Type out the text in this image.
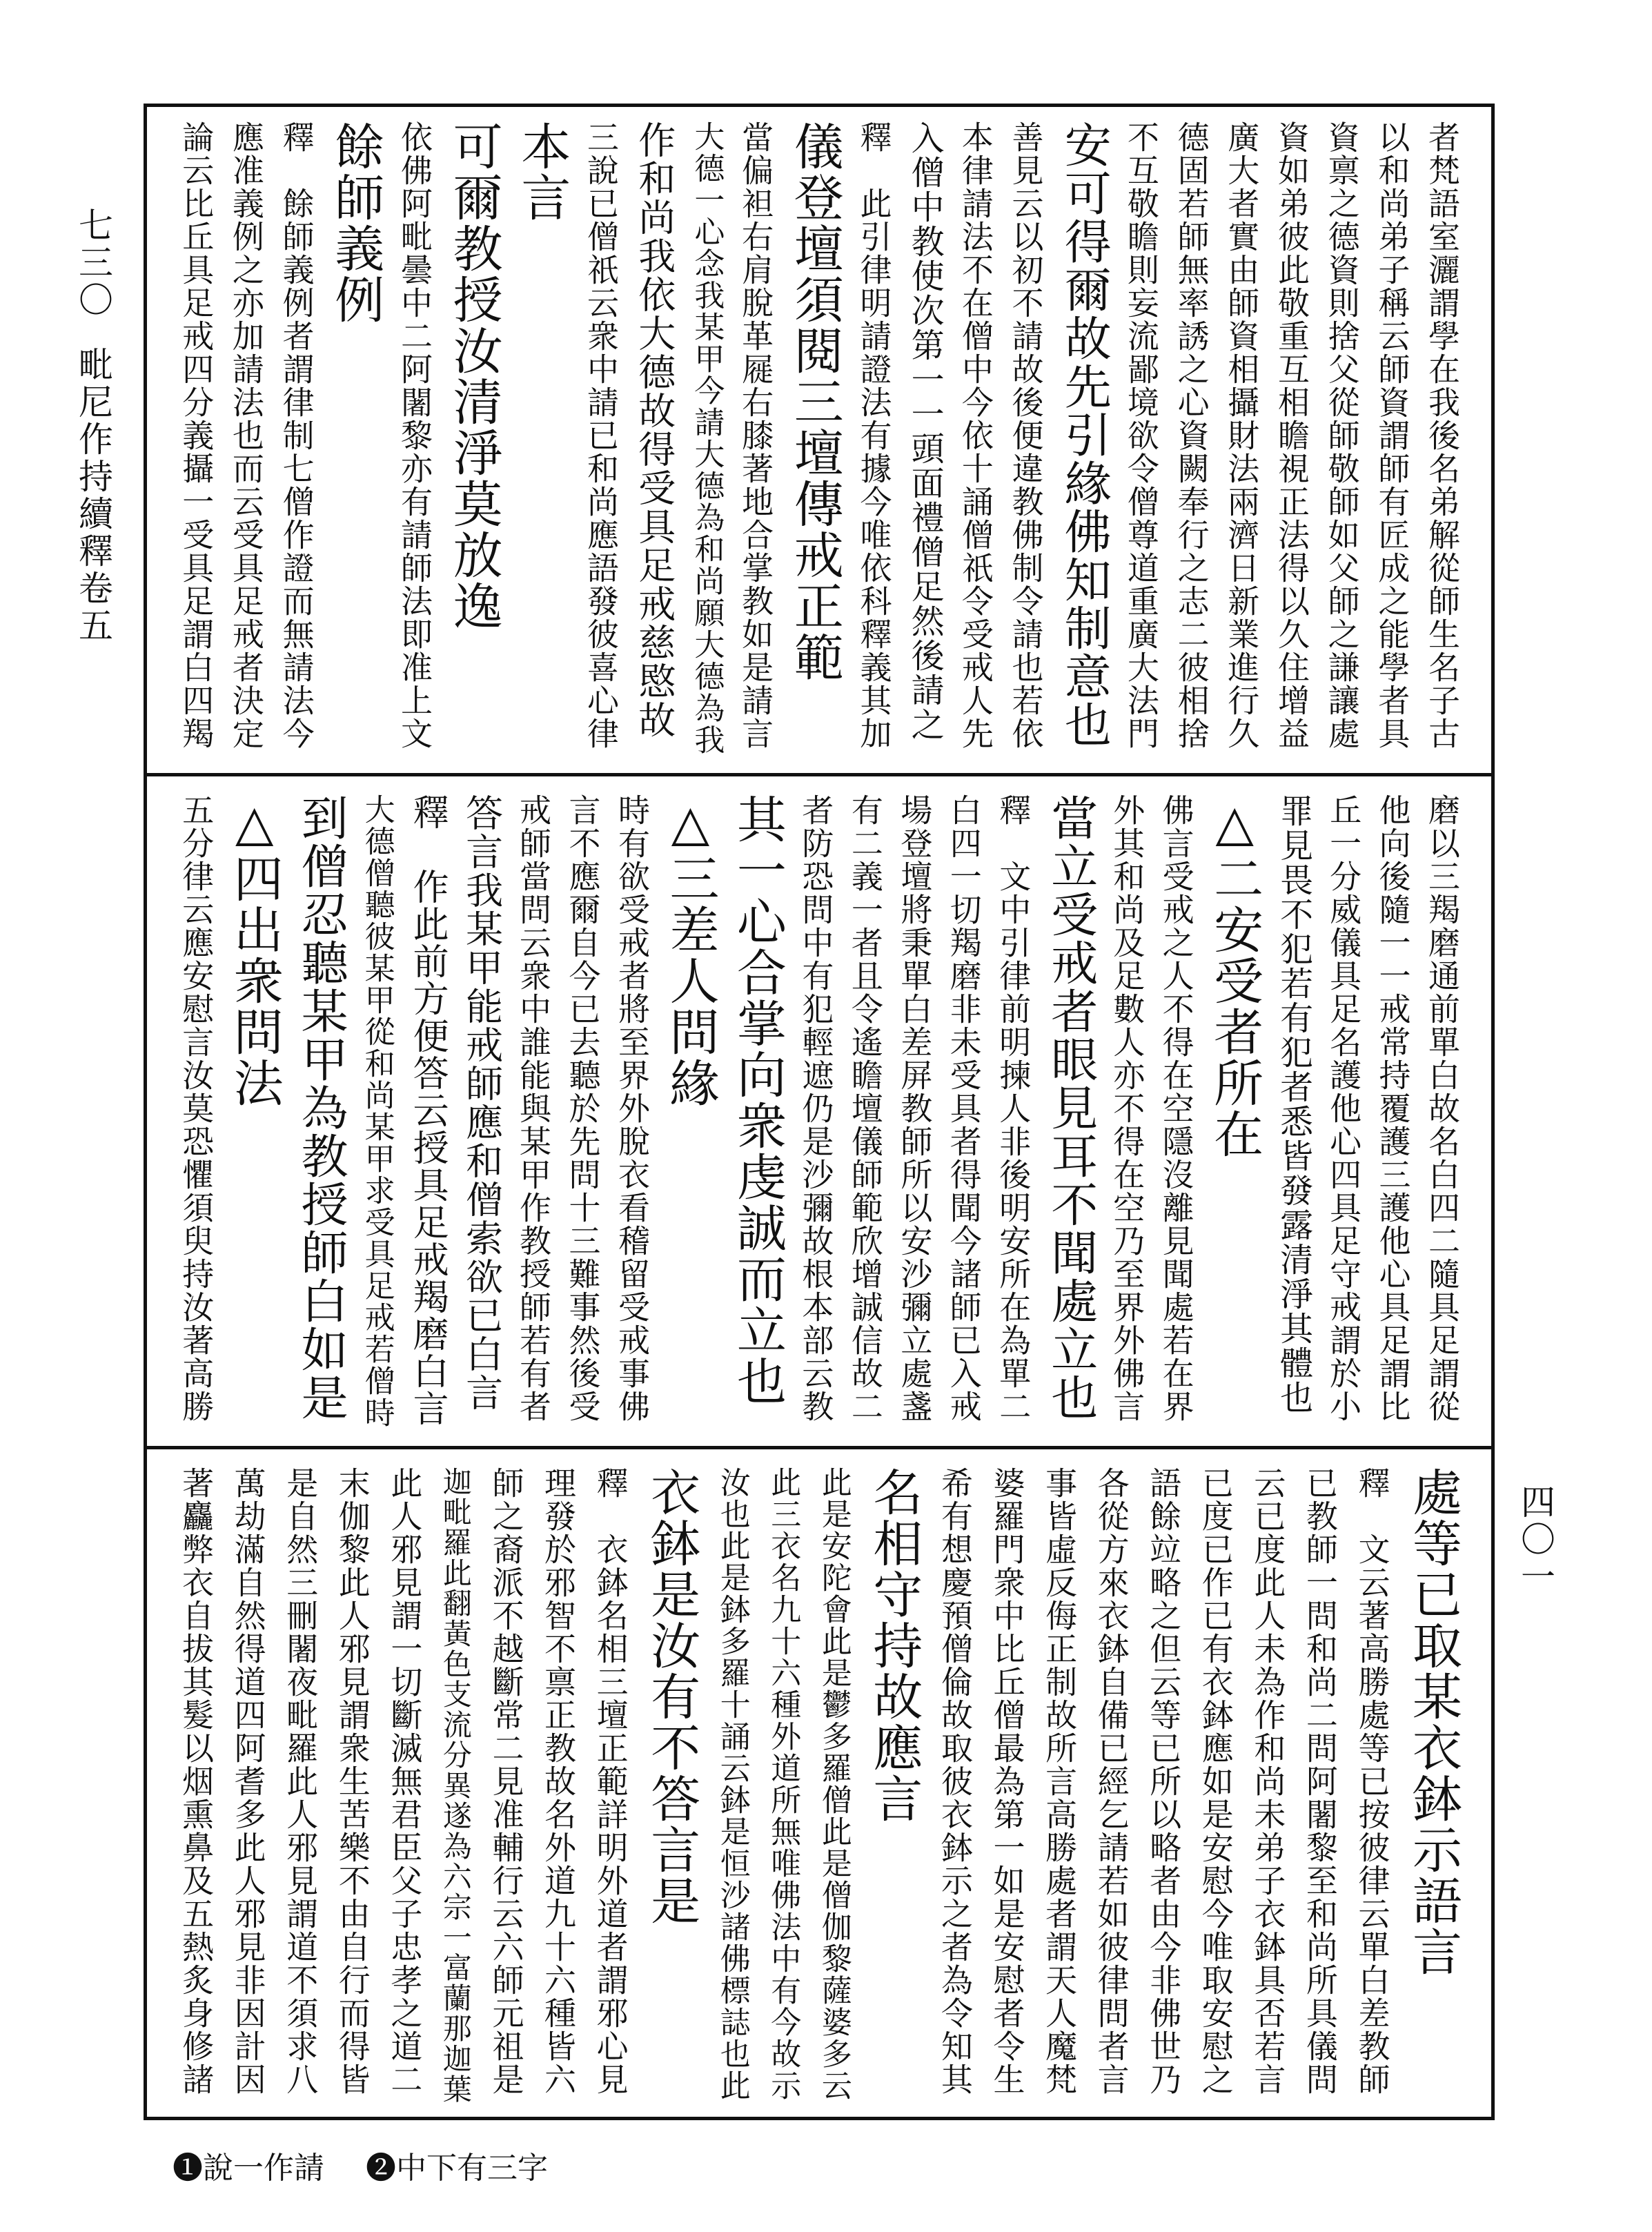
七三〇毗尼作持續釋卷五
四〇一
者梵語室灑謂學在我後名弟解從師生名子古
以和尚弟子稱云師資謂師有匠成之能學者具
資禀之德資則捨父從師敬師如父師之謙讓處
資如弟彼此敬重互相瞻視正法得以久住增益
廣大者實由師資相攝財法兩濟日新業進行久
德固若師無率誘之心資闕奉行之志二彼相捨
不互敬瞻則妄流鄙境欲令僧尊道重廣大法門
安可得爾故先引緣佛知制意也
善見云以初不請故後便違教佛制令請也若依
本律請法不在僧中今依十誦僧祇令受戒人先
入僧中教使次第一一頭面禮僧足然後請之
釋　此引律明請證法有據今唯依科釋義其加
儀登壇須閱三壇傳戒正範
當偏袒右肩脫革屣右膝著地合掌教如是請言
大德一心念我某甲今請大德為和尚願大德為我
作和尚我依大德故得受具足戒慈愍故
三說已僧祇云衆中請已和尚應語發彼喜心律
本言
可爾教授汝清淨莫放逸
依佛阿毗曇中二阿闍黎亦有請師法即准上文
餘師義例
釋　餘師義例者謂律制七僧作證而無請法今
應准義例之亦加請法也而云受具足戒者決定
論云比丘具足戒四分義攝一受具足謂白四羯
磨以三羯磨通前單白故名白四二隨具足謂從
他向後隨一一戒常持覆護三護他心具足謂比
丘一分威儀具足名護他心四具足守戒謂於小
罪見畏不犯若有犯者悉皆發露清淨其體也
△二安受者所在
佛言受戒之人不得在空隱沒離見聞處若在界
外其和尚及足數人亦不得在空乃至界外佛言
當立受戒者眼見耳不聞處立也
釋　文中引律前明揀人非後明安所在為單二
白四一切羯磨非未受具者得聞今諸師已入戒
場登壇將秉單白差屏教師所以安沙彌立處盞
有二義一者且令遙瞻壇儀師範欣增誠信故二
者防恐問中有犯輕遮仍是沙彌故根本部云教
其一心合掌向衆虔誠而立也
△三差人問緣
時有欲受戒者將至界外脫衣看稽留受戒事佛
言不應爾自今已去聽於先問十三難事然後受
戒師當問云衆中誰能與某甲作教授師若有者
答言我某甲能戒師應和僧索欲已白言
釋　作此前方便答云授具足戒羯磨白言
大德僧聽彼某甲從和尚某甲求受具足戒若僧時
到僧忍聽某甲為教授師白如是
△四出衆問法
五分律云應安慰言汝莫恐懼須臾持汝著高勝
處等已取某衣鉢示語言
釋　文云著高勝處等已按彼律云單白差教師
已教師一問和尚二問阿闍黎至和尚所具儀問
云已度此人未為作和尚未弟子衣鉢具否若言
已度已作已有衣鉢應如是安慰今唯取安慰之
語餘竝略之但云等已所以略者由今非佛世乃
各從方來衣鉢自備已經乞請若如彼律問者言
事皆虛反侮正制故所言高勝處者謂天人魔梵
婆羅門衆中比丘僧最為第一如是安慰者令生
希有想慶預僧倫故取彼衣鉢示之者為令知其
名相守持故應言
此是安陀會此是鬱多羅僧此是僧伽黎薩婆多云
此三衣名九十六種外道所無唯佛法中有今故示
汝也此是鉢多羅十誦云鉢是恒沙諸佛標誌也此
衣鉢是汝有不答言是
釋　衣鉢名相三壇正範詳明外道者謂邪心見
理發於邪智不禀正教故名外道九十六種皆六
師之裔派不越斷常二見准輔行云六師元祖是
迦毗羅此翻黃色支流分異遂為六宗一富蘭那迦葉
此人邪見謂一切斷滅無君臣父子忠孝之道二
末伽黎此人邪見謂衆生苦樂不由自行而得皆
是自然三刪闍夜毗羅此人邪見謂道不須求八
萬劫滿自然得道四阿耆多此人邪見非因計因
著麤弊衣自拔其髮以烟熏鼻及五熱炙身修諸
❶說一作請 ❷中下有三字
